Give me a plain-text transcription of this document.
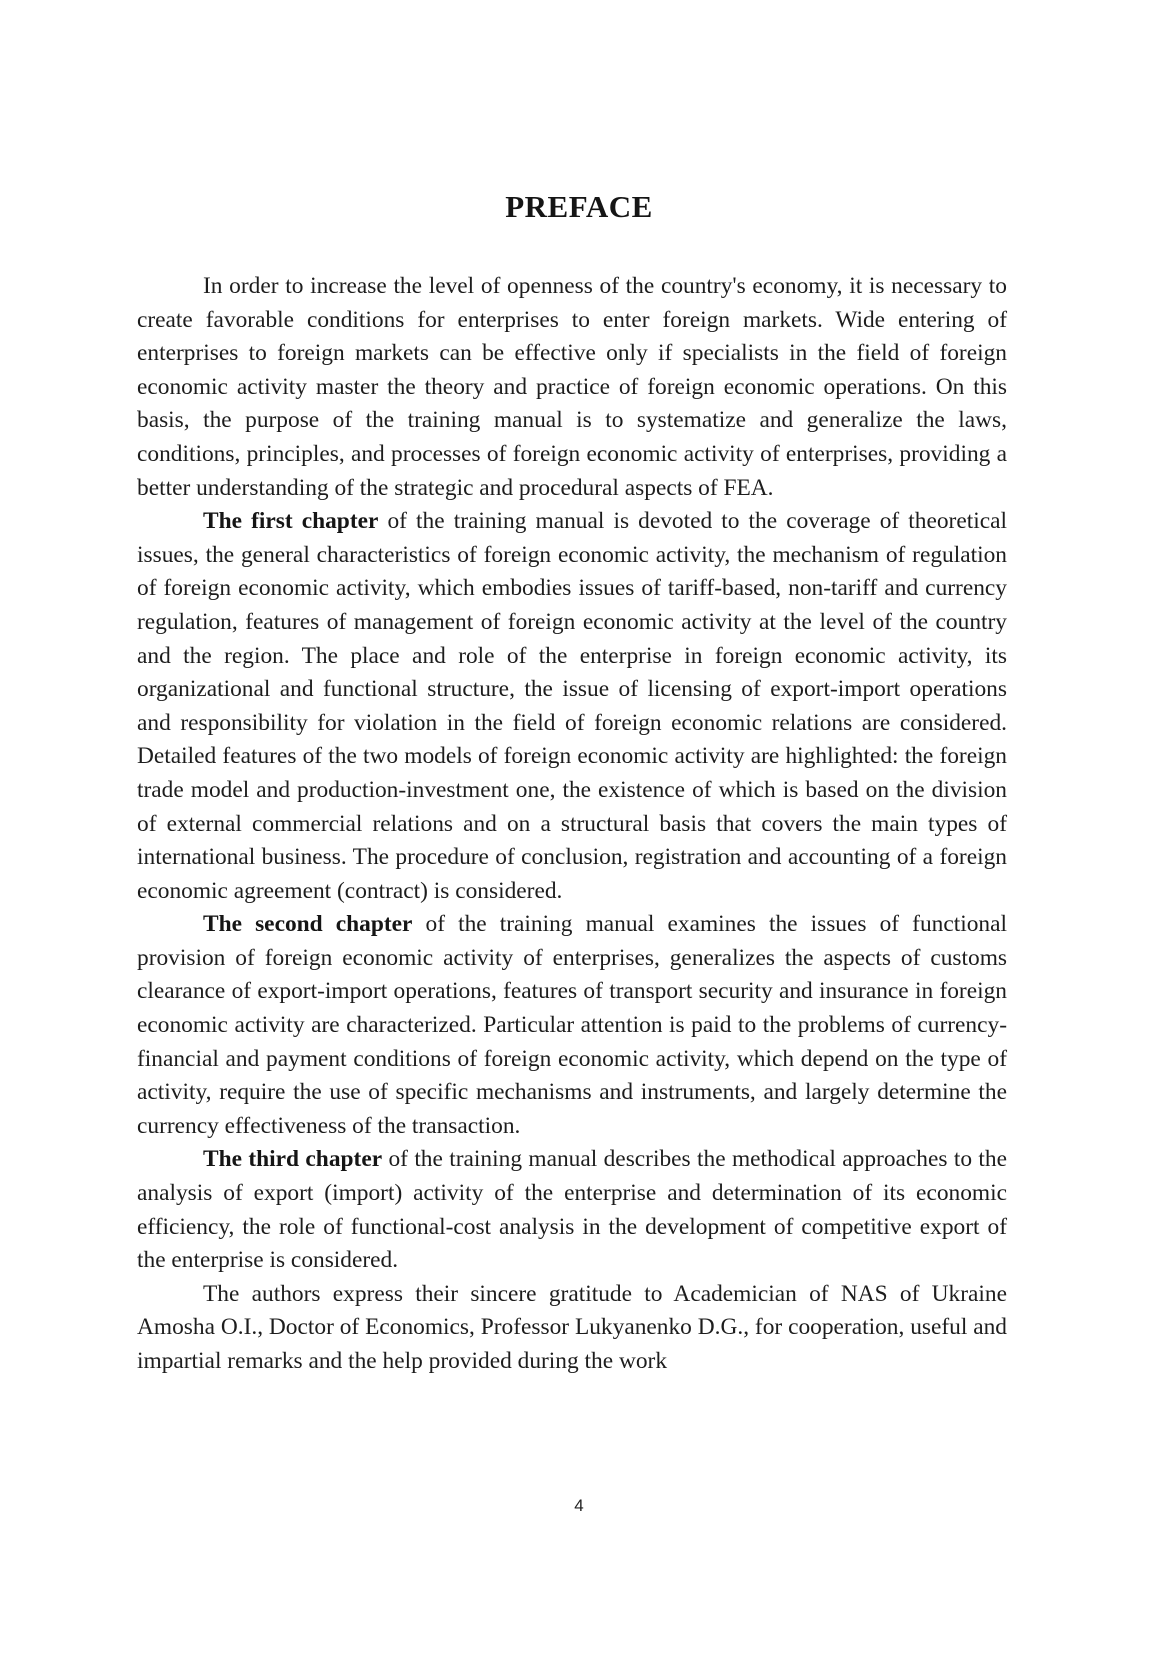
PREFACE

In order to increase the level of openness of the country's economy, it is necessary to create favorable conditions for enterprises to enter foreign markets. Wide entering of enterprises to foreign markets can be effective only if specialists in the field of foreign economic activity master the theory and practice of foreign economic operations. On this basis, the purpose of the training manual is to systematize and generalize the laws, conditions, principles, and processes of foreign economic activity of enterprises, providing a better understanding of the strategic and procedural aspects of FEA.

The first chapter of the training manual is devoted to the coverage of theoretical issues, the general characteristics of foreign economic activity, the mechanism of regulation of foreign economic activity, which embodies issues of tariff-based, non-tariff and currency regulation, features of management of foreign economic activity at the level of the country and the region. The place and role of the enterprise in foreign economic activity, its organizational and functional structure, the issue of licensing of export-import operations and responsibility for violation in the field of foreign economic relations are considered. Detailed features of the two models of foreign economic activity are highlighted: the foreign trade model and production-investment one, the existence of which is based on the division of external commercial relations and on a structural basis that covers the main types of international business. The procedure of conclusion, registration and accounting of a foreign economic agreement (contract) is considered.

The second chapter of the training manual examines the issues of functional provision of foreign economic activity of enterprises, generalizes the aspects of customs clearance of export-import operations, features of transport security and insurance in foreign economic activity are characterized. Particular attention is paid to the problems of currency-financial and payment conditions of foreign economic activity, which depend on the type of activity, require the use of specific mechanisms and instruments, and largely determine the currency effectiveness of the transaction.

The third chapter of the training manual describes the methodical approaches to the analysis of export (import) activity of the enterprise and determination of its economic efficiency, the role of functional-cost analysis in the development of competitive export of the enterprise is considered.

The authors express their sincere gratitude to Academician of NAS of Ukraine Amosha O.I., Doctor of Economics, Professor Lukyanenko D.G., for cooperation, useful and impartial remarks and the help provided during the work

4
